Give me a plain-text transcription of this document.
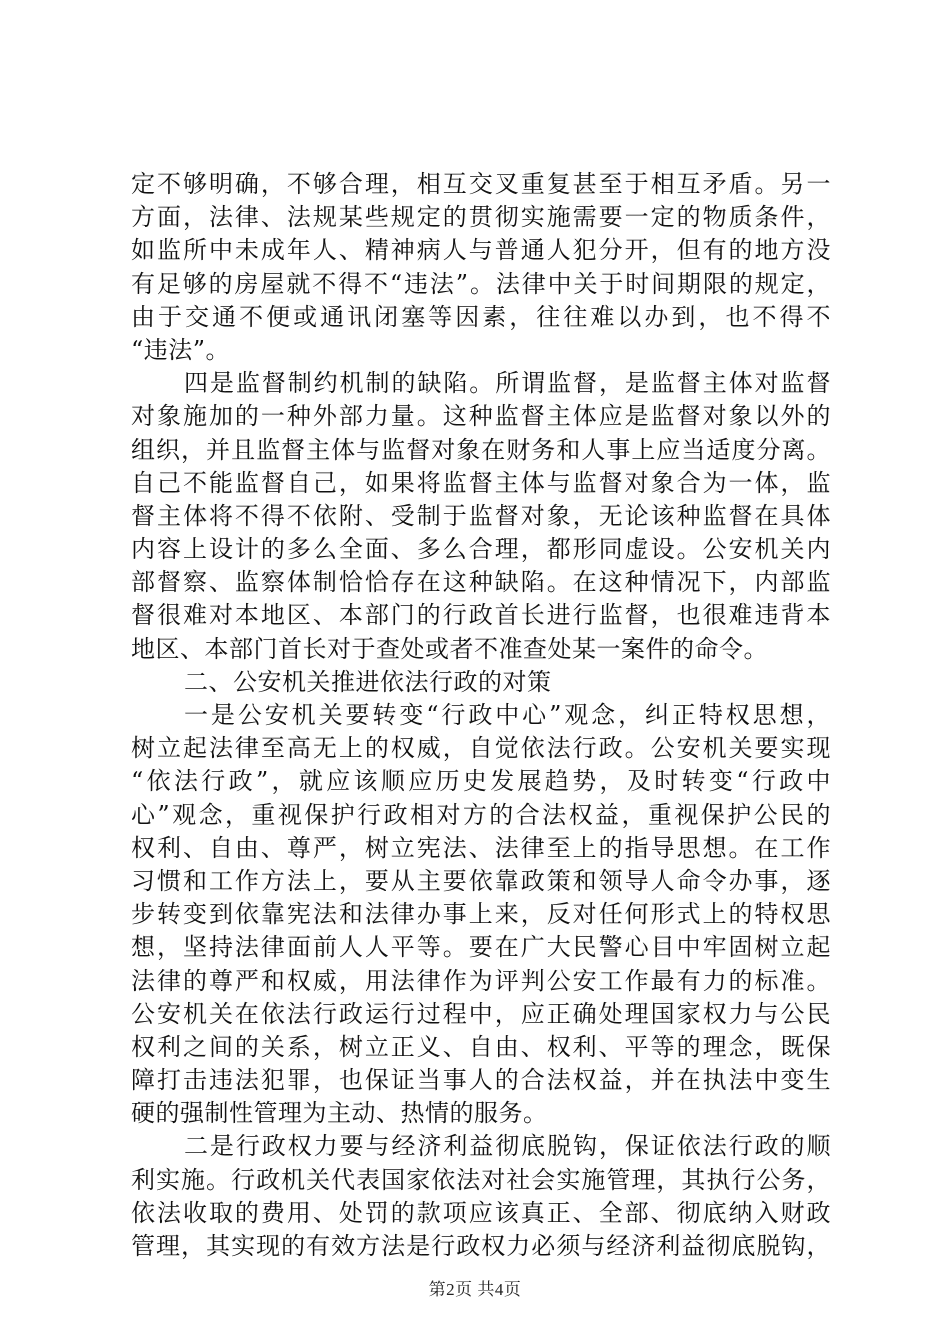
定不够明确，不够合理，相互交叉重复甚至于相互矛盾。另一
方面，法律、法规某些规定的贯彻实施需要一定的物质条件，
如监所中未成年人、精神病人与普通人犯分开，但有的地方没
有足够的房屋就不得不“违法”。法律中关于时间期限的规定，
由于交通不便或通讯闭塞等因素，往往难以办到，也不得不
“违法”。
四是监督制约机制的缺陷。所谓监督，是监督主体对监督
对象施加的一种外部力量。这种监督主体应是监督对象以外的
组织，并且监督主体与监督对象在财务和人事上应当适度分离。
自己不能监督自己，如果将监督主体与监督对象合为一体，监
督主体将不得不依附、受制于监督对象，无论该种监督在具体
内容上设计的多么全面、多么合理，都形同虚设。公安机关内
部督察、监察体制恰恰存在这种缺陷。在这种情况下，内部监
督很难对本地区、本部门的行政首长进行监督，也很难违背本
地区、本部门首长对于查处或者不准查处某一案件的命令。
二、公安机关推进依法行政的对策
一是公安机关要转变“行政中心”观念，纠正特权思想，
树立起法律至高无上的权威，自觉依法行政。公安机关要实现
“依法行政”，就应该顺应历史发展趋势，及时转变“行政中
心”观念，重视保护行政相对方的合法权益，重视保护公民的
权利、自由、尊严，树立宪法、法律至上的指导思想。在工作
习惯和工作方法上，要从主要依靠政策和领导人命令办事，逐
步转变到依靠宪法和法律办事上来，反对任何形式上的特权思
想，坚持法律面前人人平等。要在广大民警心目中牢固树立起
法律的尊严和权威，用法律作为评判公安工作最有力的标准。
公安机关在依法行政运行过程中，应正确处理国家权力与公民
权利之间的关系，树立正义、自由、权利、平等的理念，既保
障打击违法犯罪，也保证当事人的合法权益，并在执法中变生
硬的强制性管理为主动、热情的服务。
二是行政权力要与经济利益彻底脱钩，保证依法行政的顺
利实施。行政机关代表国家依法对社会实施管理，其执行公务，
依法收取的费用、处罚的款项应该真正、全部、彻底纳入财政
管理，其实现的有效方法是行政权力必须与经济利益彻底脱钩，
第2页 共4页
